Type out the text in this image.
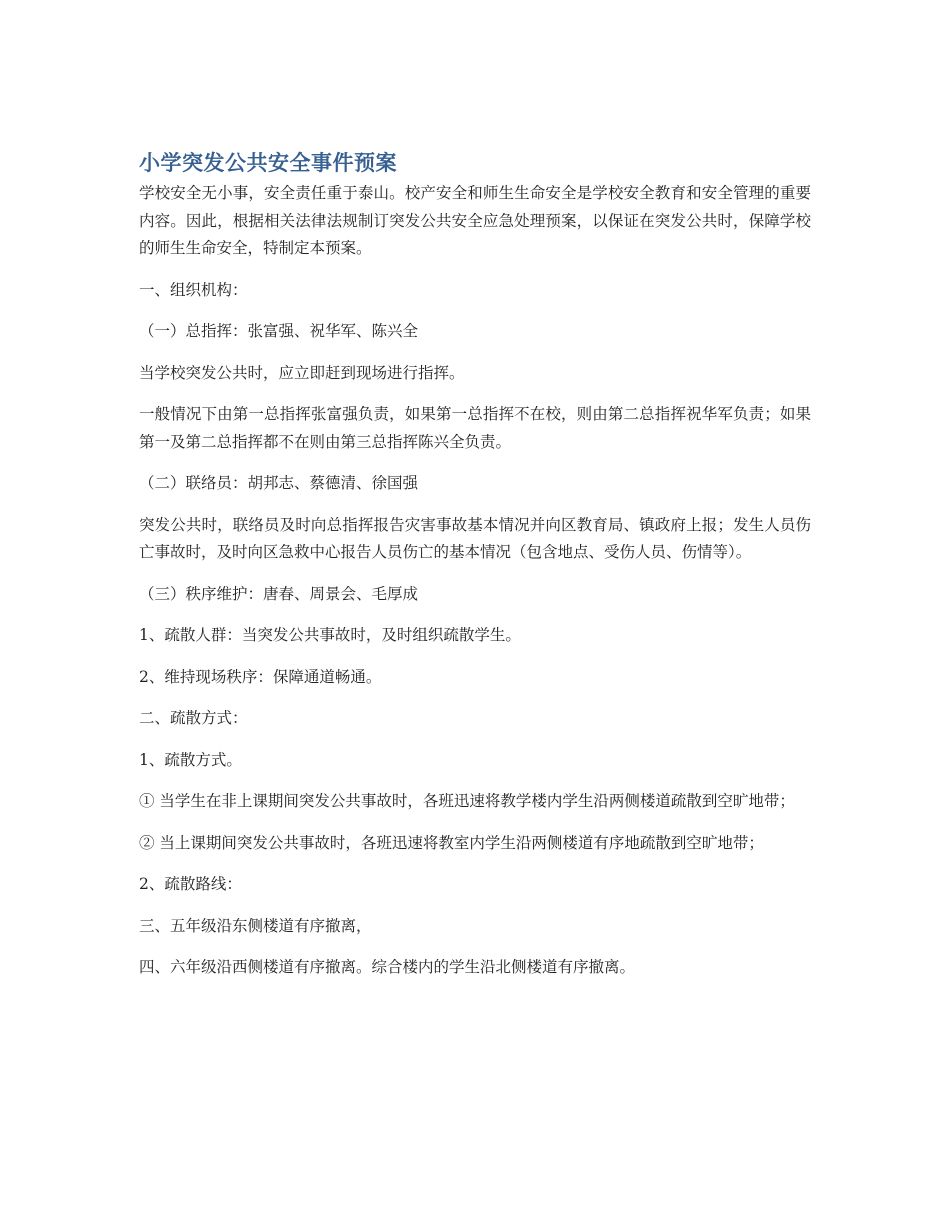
小学突发公共安全事件预案

学校安全无小事，安全责任重于泰山。校产安全和师生生命安全是学校安全教育和安全管理的重要内容。因此，根据相关法律法规制订突发公共安全应急处理预案，以保证在突发公共时，保障学校的师生生命安全，特制定本预案。

一、组织机构：

（一）总指挥：张富强、祝华军、陈兴全

当学校突发公共时，应立即赶到现场进行指挥。

一般情况下由第一总指挥张富强负责，如果第一总指挥不在校，则由第二总指挥祝华军负责；如果第一及第二总指挥都不在则由第三总指挥陈兴全负责。

（二）联络员：胡邦志、蔡德清、徐国强

突发公共时，联络员及时向总指挥报告灾害事故基本情况并向区教育局、镇政府上报；发生人员伤亡事故时，及时向区急救中心报告人员伤亡的基本情况（包含地点、受伤人员、伤情等）。

（三）秩序维护：唐春、周景会、毛厚成

1、疏散人群：当突发公共事故时，及时组织疏散学生。

2、维持现场秩序：保障通道畅通。

二、疏散方式：

1、疏散方式。

① 当学生在非上课期间突发公共事故时，各班迅速将教学楼内学生沿两侧楼道疏散到空旷地带；

② 当上课期间突发公共事故时，各班迅速将教室内学生沿两侧楼道有序地疏散到空旷地带；

2、疏散路线：

三、五年级沿东侧楼道有序撤离，

四、六年级沿西侧楼道有序撤离。综合楼内的学生沿北侧楼道有序撤离。
